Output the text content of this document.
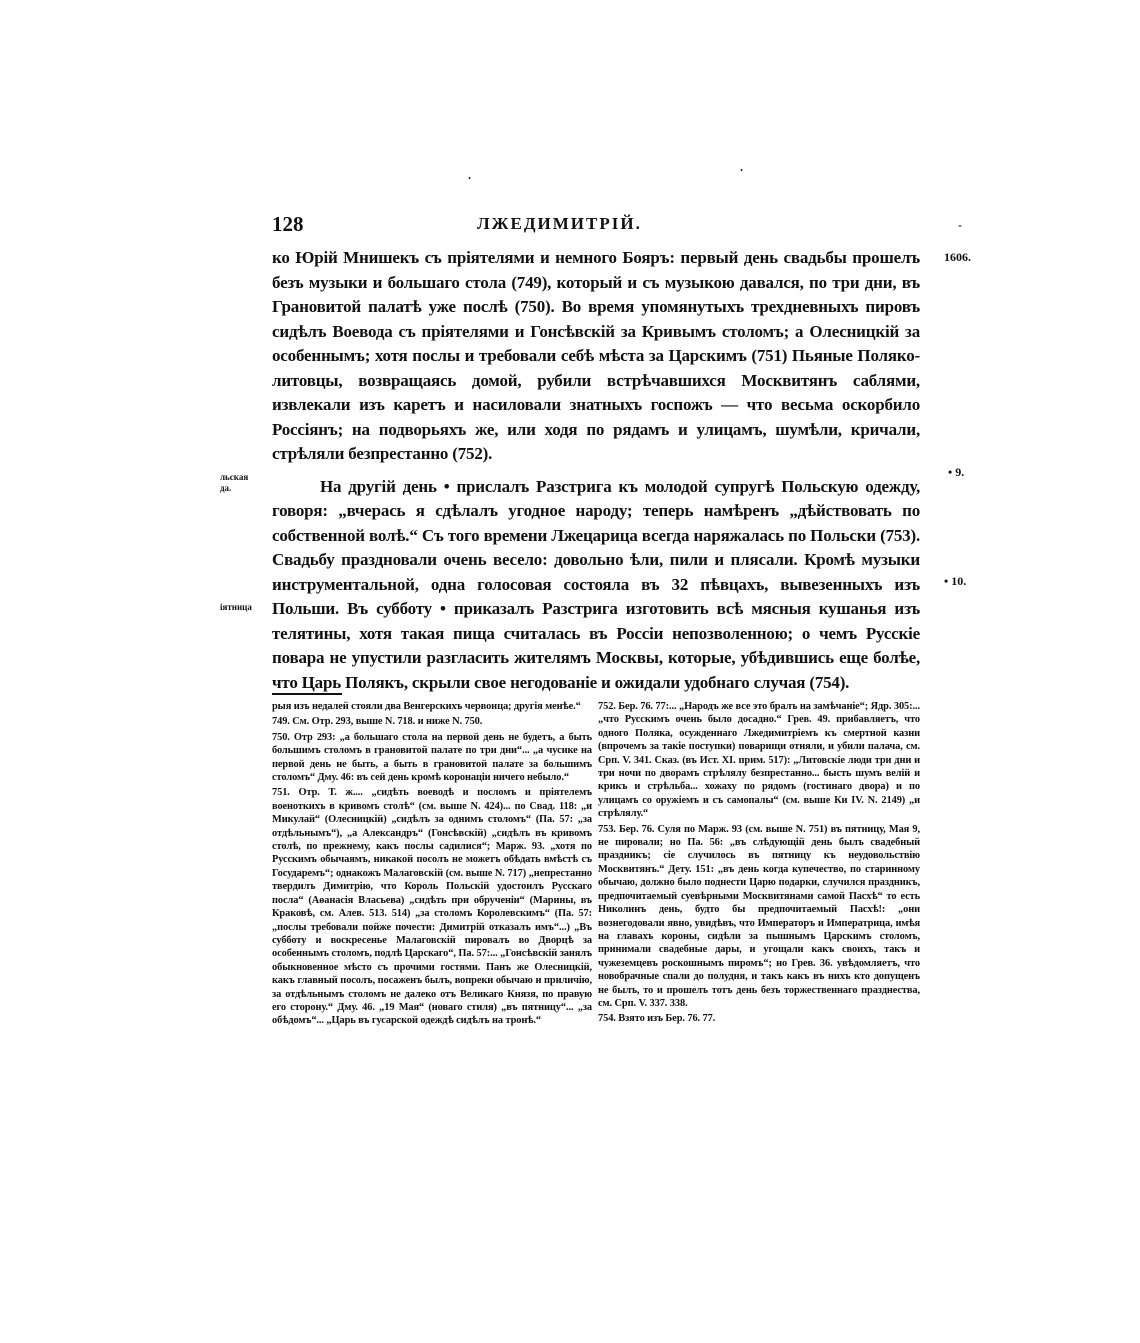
128	ЛЖЕДИМИТРІЙ.
.
.
-
1606.
• 9.
• 10.
льская да.
іятница

ко Юрій Мнишекъ съ пріятелями и немного Бояръ: первый день свадьбы прошелъ безъ музыки и большаго стола (749), который и съ музыкою давался, по три дни, въ Грановитой палатѣ уже послѣ (750). Во время упомянутыхъ трехдневныхъ пировъ сидѣлъ Воевода съ пріятелями и Гонсѣвскій за Кривымъ столомъ; а Олесницкій за особеннымъ; хотя послы и требовали себѣ мѣста за Царскимъ (751) Пьяные Поляко-литовцы, возвращаясь домой, рубили встрѣчавшихся Москвитянъ саблями, извлекали изъ каретъ и насиловали знатныхъ госпожъ — что весьма оскорбило Россіянъ; на подворьяхъ же, или ходя по рядамъ и улицамъ, шумѣли, кричали, стрѣляли безпрестанно (752).

На другій день • прислалъ Разстрига къ молодой супругѣ Польскую одежду, говоря: „вчерась я сдѣлалъ угодное народу; теперь намѣренъ „дѣйствовать по собственной волѣ.“ Съ того времени Лжецарица всегда наряжалась по Польски (753). Свадьбу праздновали очень весело: довольно ѣли, пили и плясали. Кромѣ музыки инструментальной, одна голосовая состояла въ 32 пѣвцахъ, вывезенныхъ изъ Польши. Въ субботу • приказалъ Разстрига изготовить всѣ мясныя кушанья изъ телятины, хотя такая пища считалась въ Россіи непозволенною; о чемъ Русскіе повара не упустили разгласить жителямъ Москвы, которые, убѣдившись еще болѣе, что Царь Полякъ, скрыли свое негодованіе и ожидали удобнаго случая (754).

рыя изъ недалей стояли два Венгерскихъ червонца; другія менѣе.“

749. См. Отр. 293, выше N. 718. и ниже N. 750.

750. Отр 293: „а большаго стола на первой день не будетъ, а быть большимъ столомъ в грановитой палате по три дни“... „а чусике на первой день не быть, а быть в грановитой палате за большимъ столомъ“ Дму. 46: въ сей день кромѣ коронаціи ничего небыло.“

751. Отр. Т. ж.... „сидѣть воеводѣ и посломъ и пріятелемъ военоткихъ в кривомъ столѣ“ (см. выше N. 424)... по Свад. 118: „и Микулай“ (Олесницкій) „сидѣлъ за однимъ столомъ“ (Па. 57: „за отдѣльнымъ“), „а Александръ“ (Гонсѣвскій) „сидѣлъ въ кривомъ столѣ, по прежнему, какъ послы садилися“; Марж. 93. „хотя по Русскимъ обычаямъ, никакой посолъ не можетъ обѣдать вмѣстѣ съ Государемъ“; однакожъ Малаговскій (см. выше N. 717) „непрестанно твердилъ Димитрію, что Король Польскій удостоилъ Русскаго посла“ (Аѳанасія Власьева) „сидѣть при обрученіи“ (Марины, въ Краковѣ, см. Алев. 513. 514) „за столомъ Королевскимъ“ (Па. 57: „послы требовали пойже почести: Димитрій отказалъ имъ“...) „Въ субботу и воскресенье Малаговскій пировалъ во Дворцѣ за особеннымъ столомъ, подлѣ Царскаго“, Па. 57:... „Гонсѣвскій занялъ обыкновенное мѣсто съ прочими гостями. Панъ же Олесницкій, какъ главный посолъ, посаженъ былъ, вопреки обычаю и приличію, за отдѣльнымъ столомъ не далеко отъ Великаго Князя, по правую его сторону.“ Дму. 46. „19 Мая“ (новаго стиля) „въ пятницу“... „за обѣдомъ“... „Царь въ гусарской одеждѣ сидѣлъ на тронѣ.“

752. Бер. 76. 77:... „Народъ же все это бралъ на замѣчаніе“; Ядр. 305:... „что Русскимъ очень было досадно.“ Грев. 49. прибавляетъ, что одного Поляка, осужденнаго Лжедимитріемъ къ смертной казни (впрочемъ за такіе поступки) поварищи отняли, и убили палача, см. Срп. V. 341. Сказ. (въ Ист. XI. прим. 517): „Литовскіе люди три дни и три ночи по дворамъ стрѣлялу безпрестанно... бысть шумъ велій и крикъ и стрѣльба... хожаху по рядомъ (гостинаго двора) и по улицамъ со оружіемъ и съ самопалы“ (см. выше Ки IV. N. 2149) „и стрѣлялу.“

753. Бер. 76. Суля по Марж. 93 (см. выше N. 751) въ пятницу, Мая 9, не пировали; но Па. 56: „въ слѣдующій день былъ свадебный праздникъ; сіе случилось въ пятницу къ неудовольствію Москвитянъ.“ Дету. 151: „въ день когда купечество, по старинному обычаю, должно было поднести Царю подарки, случился праздникъ, предпочитаемый суевѣрными Москвитянами самой Пасхѣ“ то есть Николинъ день, будто бы предпочитаемый Пасхѣ!: „они вознегодовали явно, увидѣвъ, что Императоръ и Императрица, имѣя на главахъ короны, сидѣли за пышнымъ Царскимъ столомъ, принимали свадебные дары, и угощали какъ своихъ, такъ и чужеземцевъ роскошнымъ пиромъ“; но Грев. 36. увѣдомляетъ, что новобрачные спали до полудня, и такъ какъ въ нихъ кто допущенъ не былъ, то и прошелъ тотъ день безъ торжественнаго празднества, см. Срп. V. 337. 338.

754. Взято изъ Бер. 76. 77.
